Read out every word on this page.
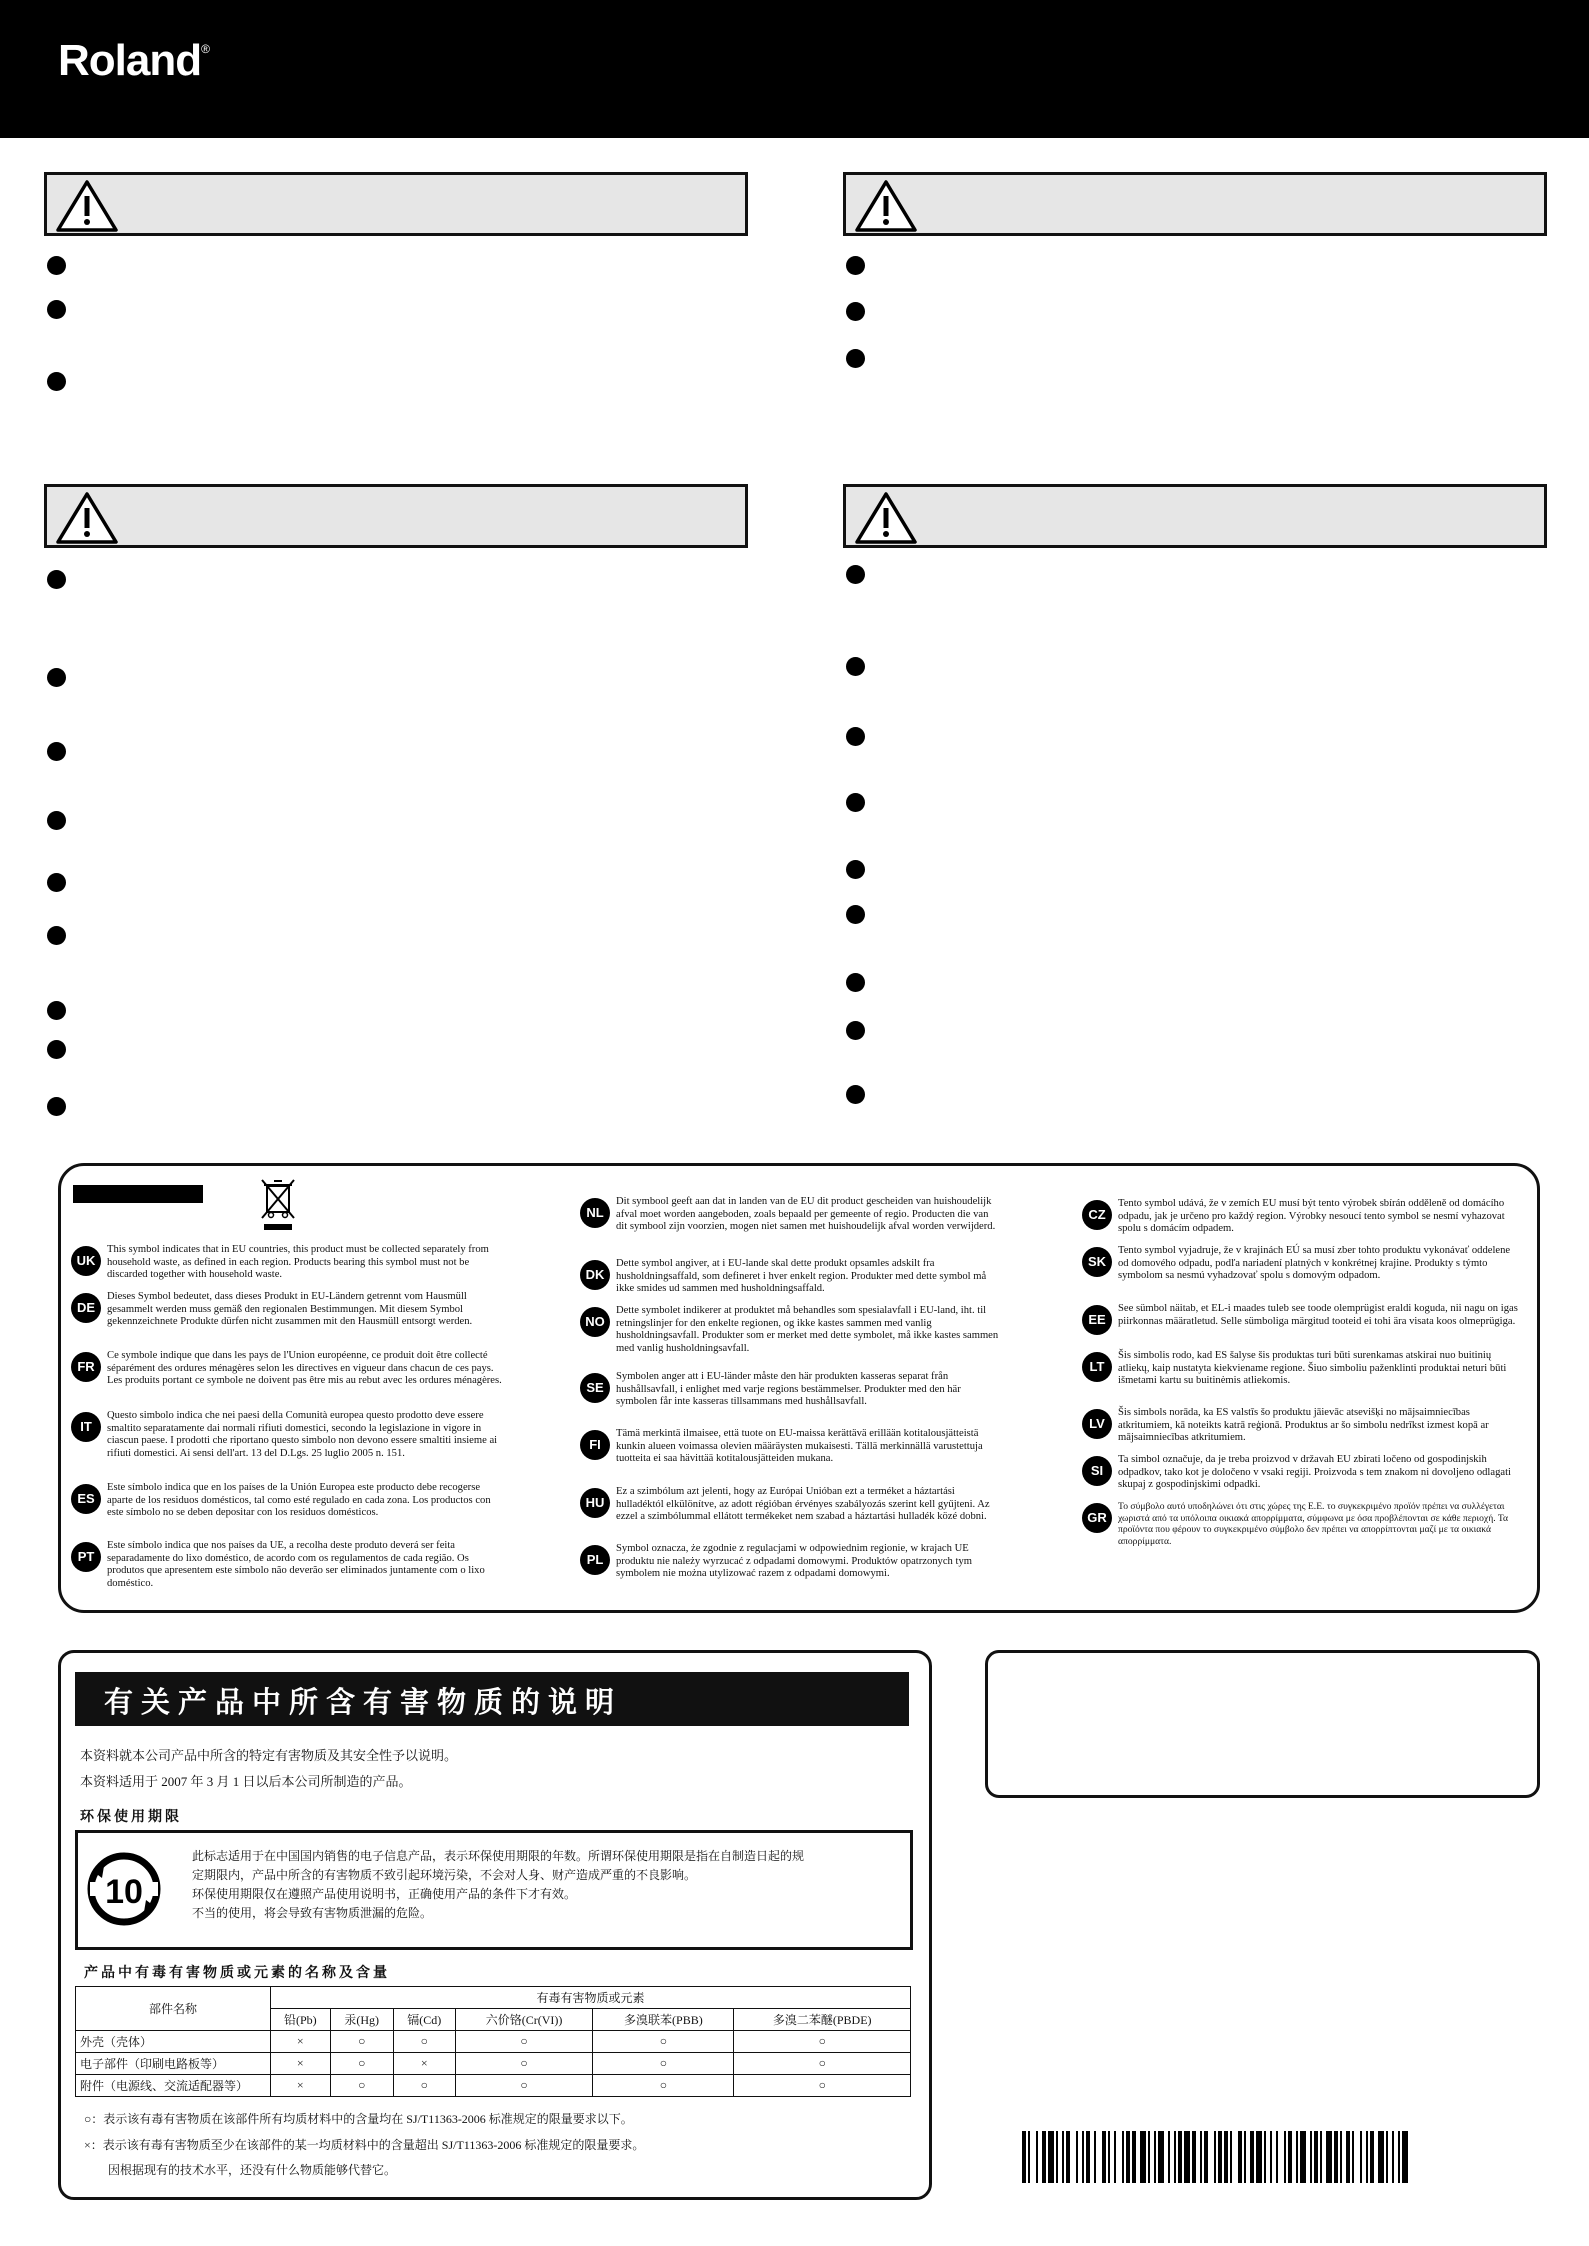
Roland®
UK
This symbol indicates that in EU countries, this product must be collected separately from household waste, as defined in each region. Products bearing this symbol must not be discarded together with household waste.
DE
Dieses Symbol bedeutet, dass dieses Produkt in EU-Ländern getrennt vom Hausmüll gesammelt werden muss gemäß den regionalen Bestimmungen. Mit diesem Symbol gekennzeichnete Produkte dürfen nicht zusammen mit den Hausmüll entsorgt werden.
FR
Ce symbole indique que dans les pays de l'Union européenne, ce produit doit être collecté séparément des ordures ménagères selon les directives en vigueur dans chacun de ces pays. Les produits portant ce symbole ne doivent pas être mis au rebut avec les ordures ménagères.
IT
Questo simbolo indica che nei paesi della Comunità europea questo prodotto deve essere smaltito separatamente dai normali rifiuti domestici, secondo la legislazione in vigore in ciascun paese. I prodotti che riportano questo simbolo non devono essere smaltiti insieme ai rifiuti domestici. Ai sensi dell'art. 13 del D.Lgs. 25 luglio 2005 n. 151.
ES
Este símbolo indica que en los países de la Unión Europea este producto debe recogerse aparte de los residuos domésticos, tal como esté regulado en cada zona. Los productos con este símbolo no se deben depositar con los residuos domésticos.
PT
Este símbolo indica que nos países da UE, a recolha deste produto deverá ser feita separadamente do lixo doméstico, de acordo com os regulamentos de cada região. Os produtos que apresentem este símbolo não deverão ser eliminados juntamente com o lixo doméstico.
NL
Dit symbool geeft aan dat in landen van de EU dit product gescheiden van huishoudelijk afval moet worden aangeboden, zoals bepaald per gemeente of regio. Producten die van dit symbool zijn voorzien, mogen niet samen met huishoudelijk afval worden verwijderd.
DK
Dette symbol angiver, at i EU-lande skal dette produkt opsamles adskilt fra husholdningsaffald, som defineret i hver enkelt region. Produkter med dette symbol må ikke smides ud sammen med husholdningsaffald.
NO
Dette symbolet indikerer at produktet må behandles som spesialavfall i EU-land, iht. til retningslinjer for den enkelte regionen, og ikke kastes sammen med vanlig husholdningsavfall. Produkter som er merket med dette symbolet, må ikke kastes sammen med vanlig husholdningsavfall.
SE
Symbolen anger att i EU-länder måste den här produkten kasseras separat från hushållsavfall, i enlighet med varje regions bestämmelser. Produkter med den här symbolen får inte kasseras tillsammans med hushållsavfall.
FI
Tämä merkintä ilmaisee, että tuote on EU-maissa kerättävä erillään kotitalousjätteistä kunkin alueen voimassa olevien määräysten mukaisesti. Tällä merkinnällä varustettuja tuotteita ei saa hävittää kotitalousjätteiden mukana.
HU
Ez a szimbólum azt jelenti, hogy az Európai Unióban ezt a terméket a háztartási hulladéktól elkülönítve, az adott régióban érvényes szabályozás szerint kell gyűjteni. Az ezzel a szimbólummal ellátott termékeket nem szabad a háztartási hulladék közé dobni.
PL
Symbol oznacza, że zgodnie z regulacjami w odpowiednim regionie, w krajach UE produktu nie należy wyrzucać z odpadami domowymi. Produktów opatrzonych tym symbolem nie można utylizować razem z odpadami domowymi.
CZ
Tento symbol udává, že v zemích EU musí být tento výrobek sbírán odděleně od domácího odpadu, jak je určeno pro každý region. Výrobky nesoucí tento symbol se nesmí vyhazovat spolu s domácím odpadem.
SK
Tento symbol vyjadruje, že v krajinách EÚ sa musí zber tohto produktu vykonávať oddelene od domového odpadu, podľa nariadení platných v konkrétnej krajine. Produkty s týmto symbolom sa nesmú vyhadzovať spolu s domovým odpadom.
EE
See sümbol näitab, et EL-i maades tuleb see toode olemprügist eraldi koguda, nii nagu on igas piirkonnas määratletud. Selle sümboliga märgitud tooteid ei tohi ära visata koos olmeprügiga.
LT
Šis simbolis rodo, kad ES šalyse šis produktas turi būti surenkamas atskirai nuo buitinių atliekų, kaip nustatyta kiekviename regione. Šiuo simboliu paženklinti produktai neturi būti išmetami kartu su buitinėmis atliekomis.
LV
Šis simbols norāda, ka ES valstīs šo produktu jāievāc atsevišķi no mājsaimniecības atkritumiem, kā noteikts katrā reģionā. Produktus ar šo simbolu nedrīkst izmest kopā ar mājsaimniecības atkritumiem.
SI
Ta simbol označuje, da je treba proizvod v državah EU zbirati ločeno od gospodinjskih odpadkov, tako kot je določeno v vsaki regiji. Proizvoda s tem znakom ni dovoljeno odlagati skupaj z gospodinjskimi odpadki.
GR
Το σύμβολο αυτό υποδηλώνει ότι στις χώρες της Ε.Ε. το συγκεκριμένο προϊόν πρέπει να συλλέγεται χωριστά από τα υπόλοιπα οικιακά απορρίμματα, σύμφωνα με όσα προβλέπονται σε κάθε περιοχή. Τα προϊόντα που φέρουν το συγκεκριμένο σύμβολο δεν πρέπει να απορρίπτονται μαζί με τα οικιακά απορρίμματα.
有关产品中所含有害物质的说明
本资料就本公司产品中所含的特定有害物质及其安全性予以说明。
本资料适用于 2007 年 3 月 1 日以后本公司所制造的产品。
环保使用期限
10
此标志适用于在中国国内销售的电子信息产品，表示环保使用期限的年数。所谓环保使用期限是指在自制造日起的规
定期限内，产品中所含的有害物质不致引起环境污染，不会对人身、财产造成严重的不良影响。
环保使用期限仅在遵照产品使用说明书，正确使用产品的条件下才有效。
不当的使用，将会导致有害物质泄漏的危险。
产品中有毒有害物质或元素的名称及含量
部件名称	有毒有害物质或元素					
	铅(Pb)	汞(Hg)	镉(Cd)	六价铬(Cr(VI))	多溴联苯(PBB)	多溴二苯醚(PBDE)
外壳（壳体）	×	○	○	○	○	○
电子部件（印刷电路板等）	×	○	×	○	○	○
附件（电源线、交流适配器等）	×	○	○	○	○	○
○：表示该有毒有害物质在该部件所有均质材料中的含量均在 SJ/T11363-2006 标准规定的限量要求以下。
×：表示该有毒有害物质至少在该部件的某一均质材料中的含量超出 SJ/T11363-2006 标准规定的限量要求。
因根据现有的技术水平，还没有什么物质能够代替它。
